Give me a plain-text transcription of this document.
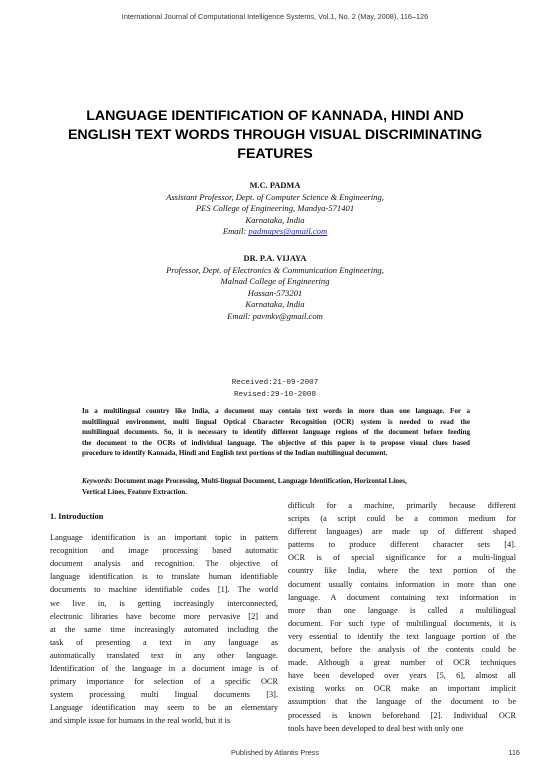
International Journal of Computational Intelligence Systems, Vol.1, No. 2 (May, 2008), 116–126
LANGUAGE IDENTIFICATION OF KANNADA, HINDI AND
ENGLISH TEXT WORDS THROUGH VISUAL DISCRIMINATING
FEATURES
M.C. PADMA
Assistant Professor, Dept. of Computer Science & Engineering,
PES College of Engineering, Mandya-571401
Karnataka, India
Email: padmapes@gmail.com
DR. P.A. VIJAYA
Professor, Dept. of Electronics & Communication Engineering,
Malnad College of Engineering
Hassan-573201
Karnataka, India
Email: pavmkv@gmail.com
Received:21-09-2007
Revised:29-10-2008
In a multilingual country like India, a document may contain text words in more than one language. For a
multilingual environment, multi lingual Optical Character Recognition (OCR) system is needed to read the
multilingual documents. So, it is necessary to identify different language regions of the document before feeding
the document to the OCRs of individual language. The objective of this paper is to propose visual clues based
procedure to identify Kannada, Hindi and English text portions of the Indian multilingual document.
Keywords: Document mage Processing, Multi-lingual Document, Language Identification, Horizontal Lines,
Vertical Lines, Feature Extraction.
1. Introduction
Language identification is an important topic in pattern
recognition and image processing based automatic
document analysis and recognition. The objective of
language identification is to translate human identifiable
documents to machine identifiable codes [1]. The world
we live in, is getting increasingly interconnected,
electronic libraries have become more pervasive [2] and
at the same time increasingly automated including the
task of presenting a text in any language as
automatically translated text in any other language.
Identification of the language in a document image is of
primary importance for selection of a specific OCR
system processing multi lingual documents [3].
Language identification may seem to be an elementary
and simple issue for humans in the real world, but it is
difficult for a machine, primarily because different
scripts (a script could be a common medium for
different languages) are made up of different shaped
patterns to produce different character sets [4].
OCR is of special significance for a multi-lingual
country like India, where the text portion of the
document usually contains information in more than one
language. A document containing text information in
more than one language is called a multilingual
document. For such type of multilingual documents, it is
very essential to identify the text language portion of the
document, before the analysis of the contents could be
made. Although a great number of OCR techniques
have been developed over years [5, 6], almost all
existing works on OCR make an important implicit
assumption that the language of the document to be
processed is known beforehand [2]. Individual OCR
tools have been developed to deal best with only one
Published by Atlantis Press	116
